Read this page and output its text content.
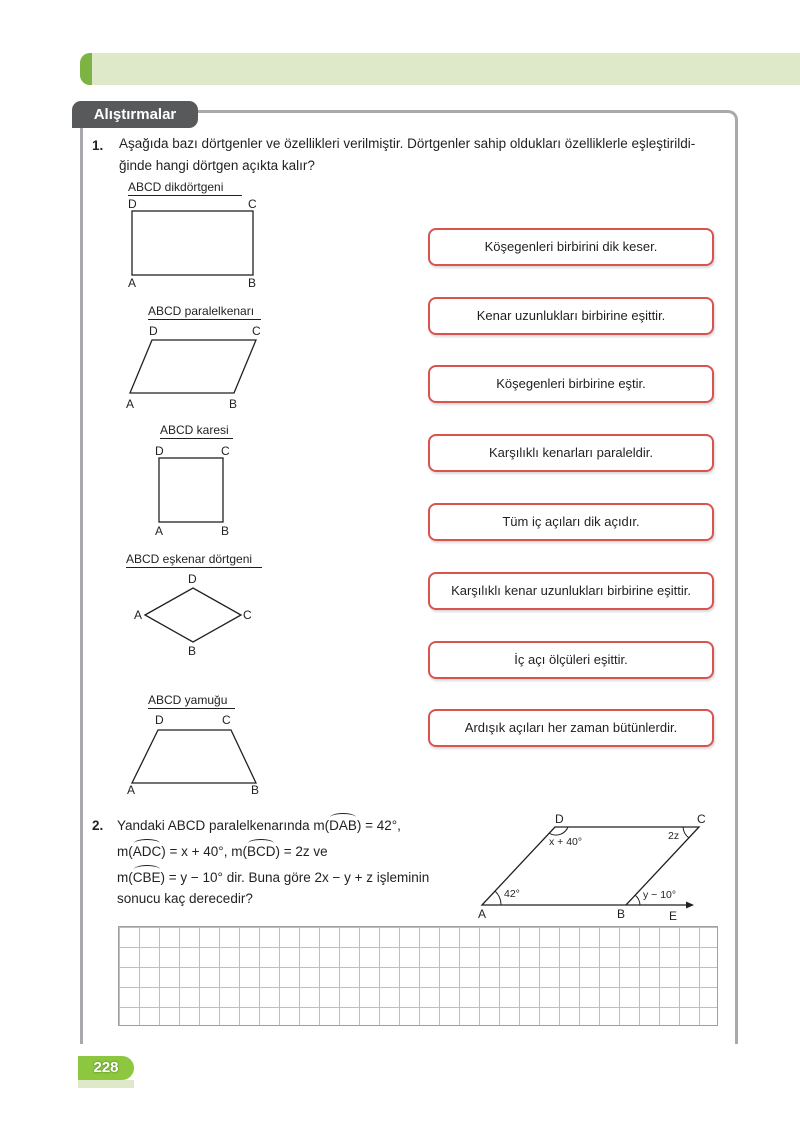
Alıştırmalar
1. Aşağıda bazı dörtgenler ve özellikleri verilmiştir. Dörtgenler sahip oldukları özelliklerle eşleştirildi-
ğinde hangi dörtgen açıkta kalır?
ABCD dikdörtgeni
D	C
A	B
ABCD paralelkenarı
D	C
A	B
ABCD karesi
D	C
A	B
ABCD eşkenar dörtgeni
D
A	C
B
ABCD yamuğu
D	C
A	B
Köşegenleri birbirini dik keser.
Kenar uzunlukları birbirine eşittir.
Köşegenleri birbirine eştir.
Karşılıklı kenarları paraleldir.
Tüm iç açıları dik açıdır.
Karşılıklı kenar uzunlukları birbirine eşittir.
İç açı ölçüleri eşittir.
Ardışık açıları her zaman bütünlerdir.
2. Yandaki ABCD paralelkenarında m(DAB) = 42°,
m(ADC) = x + 40°, m(BCD) = 2z ve
m(CBE) = y − 10° dir. Buna göre 2x − y + z işleminin
sonucu kaç derecedir?
D	C
A	B	E
42°
x + 40°	2z
y − 10°
228
